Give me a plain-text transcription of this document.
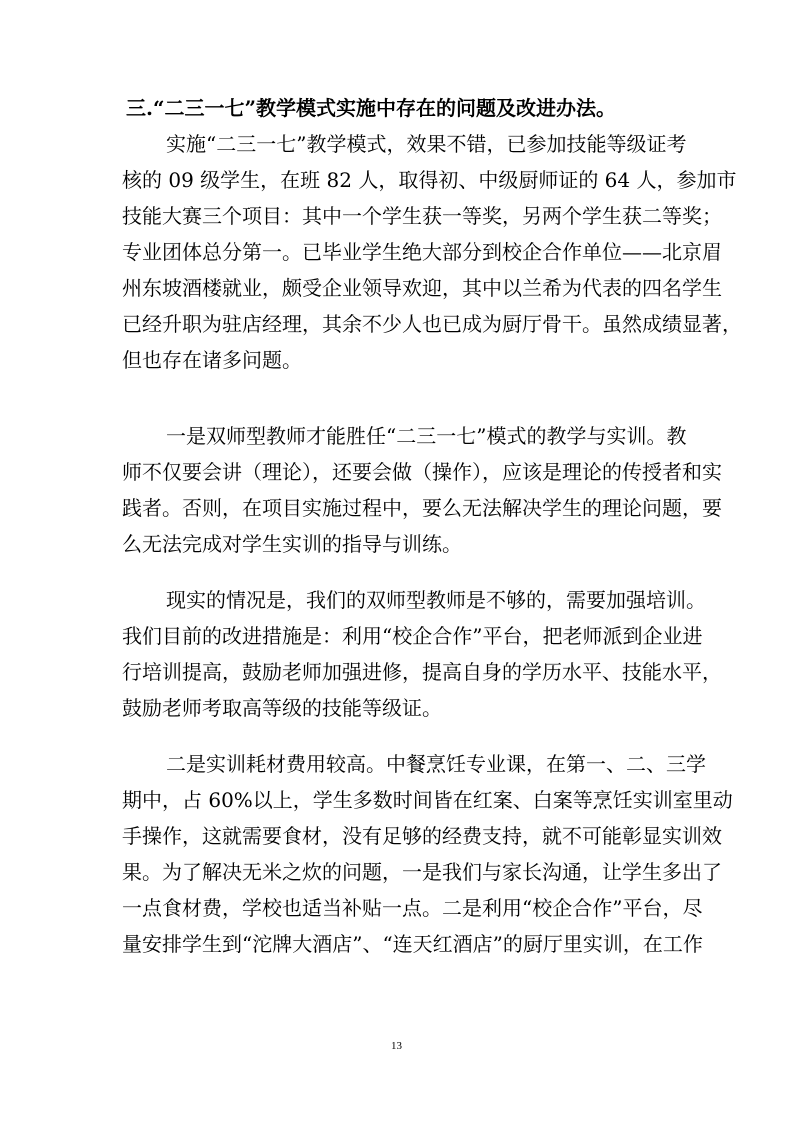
三.“二三一七”教学模式实施中存在的问题及改进办法。
实施“二三一七”教学模式，效果不错，已参加技能等级证考
核的 09 级学生，在班 82 人，取得初、中级厨师证的 64 人，参加市
技能大赛三个项目：其中一个学生获一等奖，另两个学生获二等奖；
专业团体总分第一。已毕业学生绝大部分到校企合作单位——北京眉
州东坡酒楼就业，颇受企业领导欢迎，其中以兰希为代表的四名学生
已经升职为驻店经理，其余不少人也已成为厨厅骨干。虽然成绩显著，
但也存在诸多问题。
一是双师型教师才能胜任“二三一七”模式的教学与实训。教
师不仅要会讲（理论），还要会做（操作），应该是理论的传授者和实
践者。否则，在项目实施过程中，要么无法解决学生的理论问题，要
么无法完成对学生实训的指导与训练。
现实的情况是，我们的双师型教师是不够的，需要加强培训。
我们目前的改进措施是：利用“校企合作”平台，把老师派到企业进
行培训提高，鼓励老师加强进修，提高自身的学历水平、技能水平，
鼓励老师考取高等级的技能等级证。
二是实训耗材费用较高。中餐烹饪专业课，在第一、二、三学
期中，占 60%以上，学生多数时间皆在红案、白案等烹饪实训室里动
手操作，这就需要食材，没有足够的经费支持，就不可能彰显实训效
果。为了解决无米之炊的问题，一是我们与家长沟通，让学生多出了
一点食材费，学校也适当补贴一点。二是利用“校企合作”平台，尽
量安排学生到“沱牌大酒店”、“连天红酒店”的厨厅里实训，在工作
13
